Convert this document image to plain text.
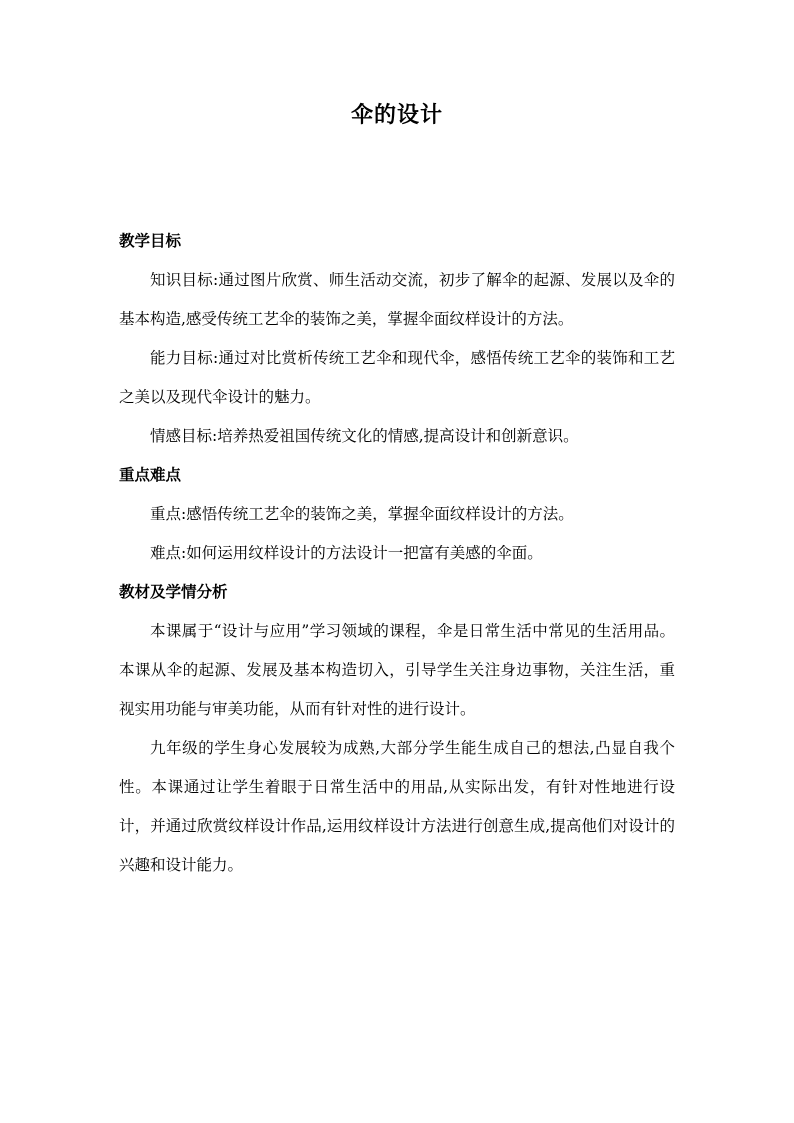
伞的设计
教学目标

知识目标:通过图片欣赏、师生活动交流，初步了解伞的起源、发展以及伞的基本构造,感受传统工艺伞的装饰之美，掌握伞面纹样设计的方法。

能力目标:通过对比赏析传统工艺伞和现代伞，感悟传统工艺伞的装饰和工艺之美以及现代伞设计的魅力。

情感目标:培养热爱祖国传统文化的情感,提高设计和创新意识。

重点难点

重点:感悟传统工艺伞的装饰之美，掌握伞面纹样设计的方法。

难点:如何运用纹样设计的方法设计一把富有美感的伞面。

教材及学情分析

本课属于“设计与应用”学习领域的课程，伞是日常生活中常见的生活用品。本课从伞的起源、发展及基本构造切入，引导学生关注身边事物，关注生活，重视实用功能与审美功能，从而有针对性的进行设计。

九年级的学生身心发展较为成熟,大部分学生能生成自己的想法,凸显自我个性。本课通过让学生着眼于日常生活中的用品,从实际出发，有针对性地进行设计，并通过欣赏纹样设计作品,运用纹样设计方法进行创意生成,提高他们对设计的兴趣和设计能力。
